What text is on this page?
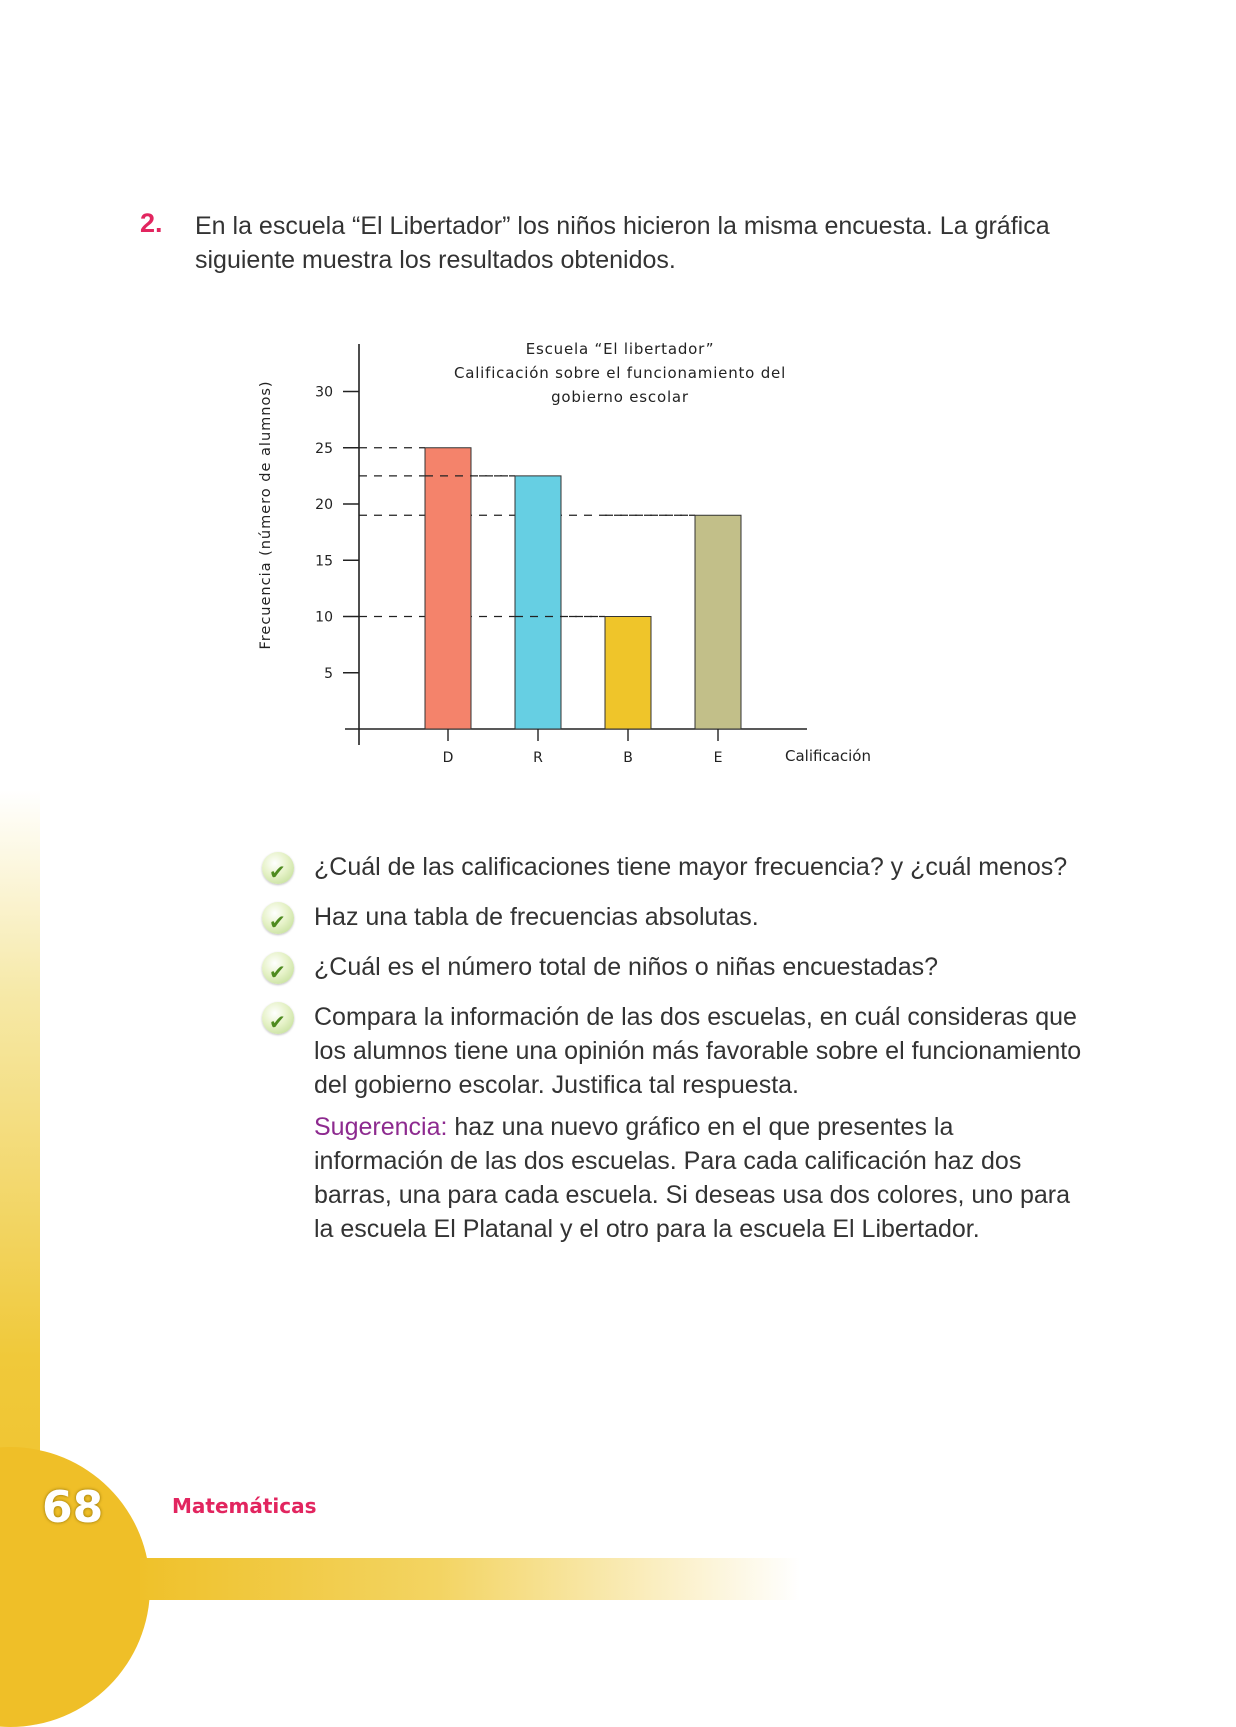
68	Matemáticas
2. En la escuela “El Libertador” los niños hicieron la misma encuesta. La gráfica siguiente muestra los resultados obtenidos.
5
10
15
20
25
30
D	R	B	E	Calificación
Frecuencia (número de alumnos)
Escuela “El libertador”
Calificación sobre el funcionamiento del
gobierno escolar
✔
¿Cuál de las calificaciones tiene mayor frecuencia? y ¿cuál menos?
✔
Haz una tabla de frecuencias absolutas.
✔
¿Cuál es el número total de niños o niñas encuestadas?
✔
Compara la información de las dos escuelas, en cuál consideras que los alumnos tiene una opinión más favorable sobre el funcionamiento del gobierno escolar. Justifica tal respuesta.
Sugerencia: haz una nuevo gráfico en el que presentes la información de las dos escuelas. Para cada calificación haz dos barras, una para cada escuela. Si deseas usa dos colores, uno para la escuela El Platanal y el otro para la escuela El Libertador.
